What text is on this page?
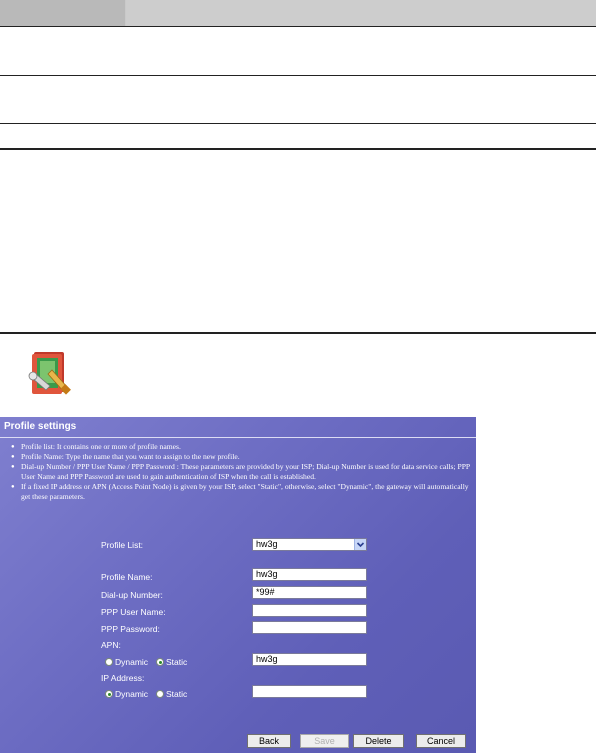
Profile settings
● Profile list: It contains one or more of profile names.
● Profile Name: Type the name that you want to assign to the new profile.
● Dial-up Number / PPP User Name / PPP Password : These parameters are provided by your ISP; Dial-up Number is used for data service calls; PPP User Name and PPP Password are used to gain authentication of ISP when the call is established.
● If a fixed IP address or APN (Access Point Node) is given by your ISP, select "Static", otherwise, select "Dynamic", the gateway will automatically get these parameters.
Profile List:	hw3g
Profile Name:	hw3g
Dial-up Number:	*99#
PPP User Name:
PPP Password:
APN:
Dynamic Static	hw3g
IP Address:
Dynamic Static
Back	Save	Delete	Cancel
